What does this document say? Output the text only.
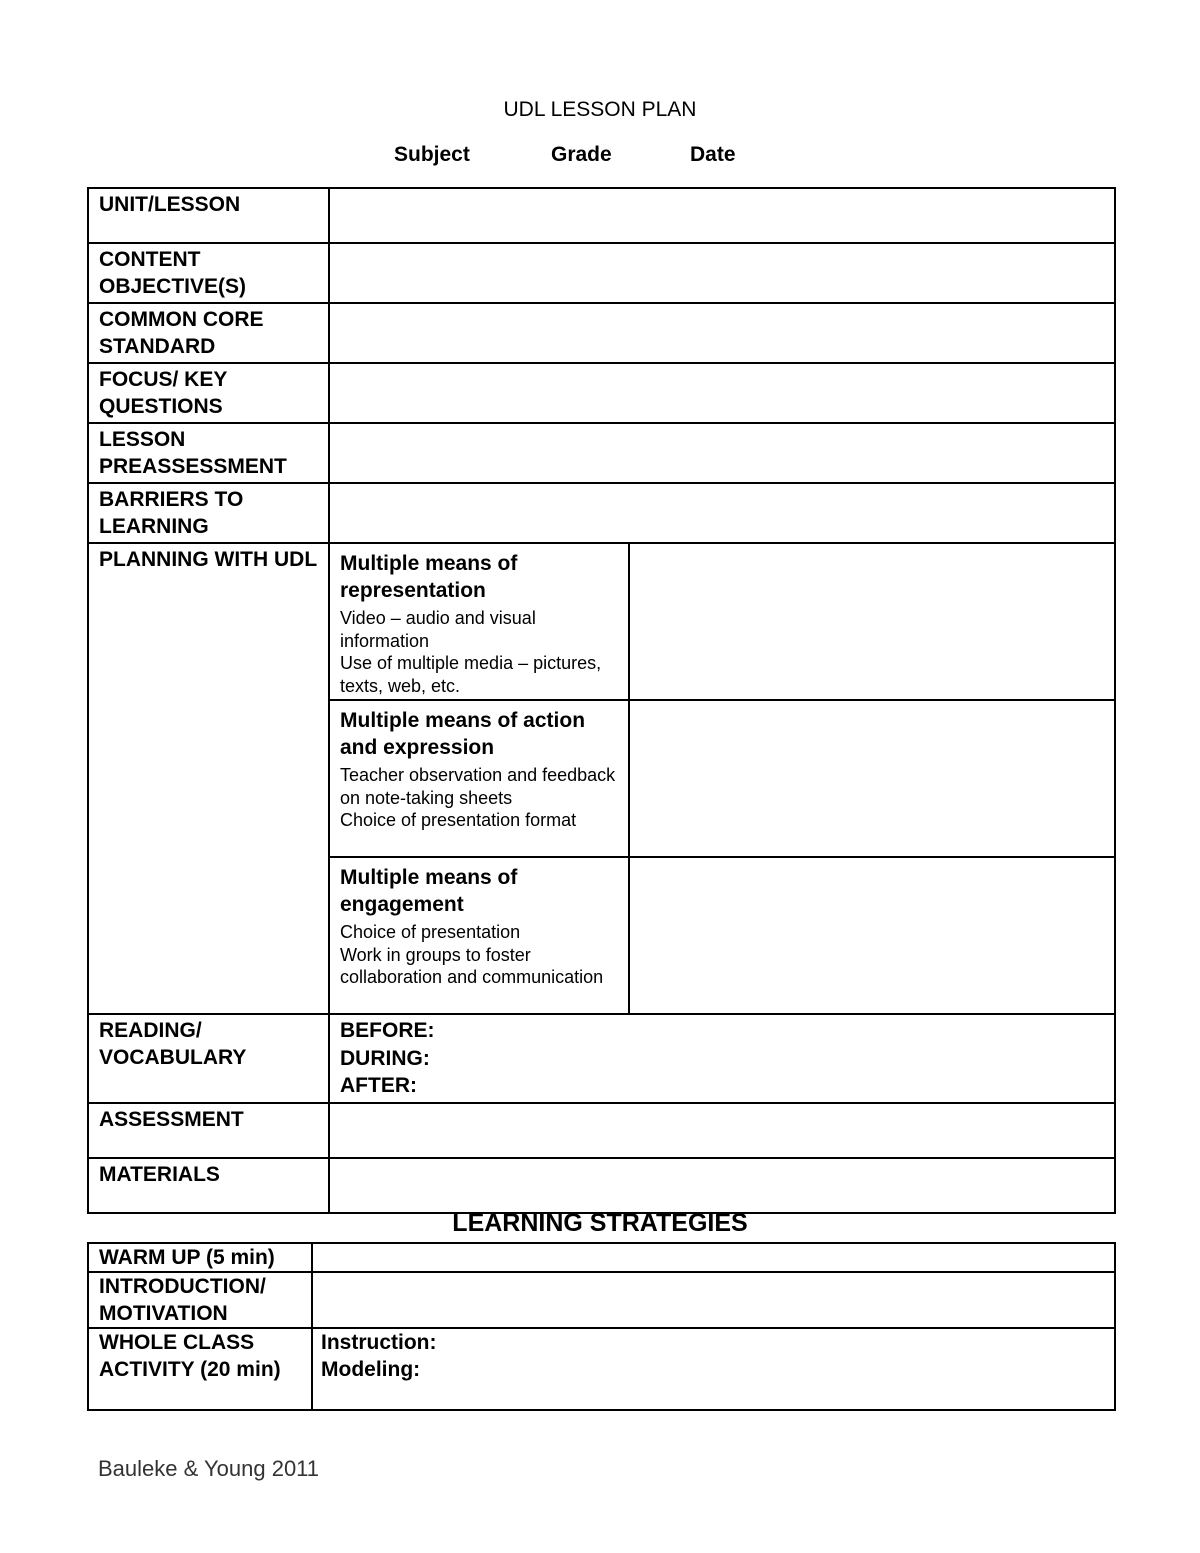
UDL LESSON PLAN
Subject	Grade	Date
UNIT/LESSON		
CONTENT OBJECTIVE(S)		
COMMON CORE STANDARD		
FOCUS/ KEY QUESTIONS		
LESSON PREASSESSMENT		
BARRIERS TO LEARNING		
PLANNING WITH UDL	Multiple means of representation
Video – audio and visual information
Use of multiple media – pictures, texts, web, etc.	

	Multiple means of action and expression
Teacher observation and feedback on note-taking sheets
Choice of presentation format	

	Multiple means of engagement
Choice of presentation
Work in groups to foster collaboration and communication	

READING/ VOCABULARY	BEFORE:
DURING:
AFTER:	

ASSESSMENT		
MATERIALS		
LEARNING STRATEGIES
WARM UP (5 min)	
INTRODUCTION/ MOTIVATION	
WHOLE CLASS ACTIVITY (20 min)	Instruction:
Modeling:
Bauleke & Young 2011
